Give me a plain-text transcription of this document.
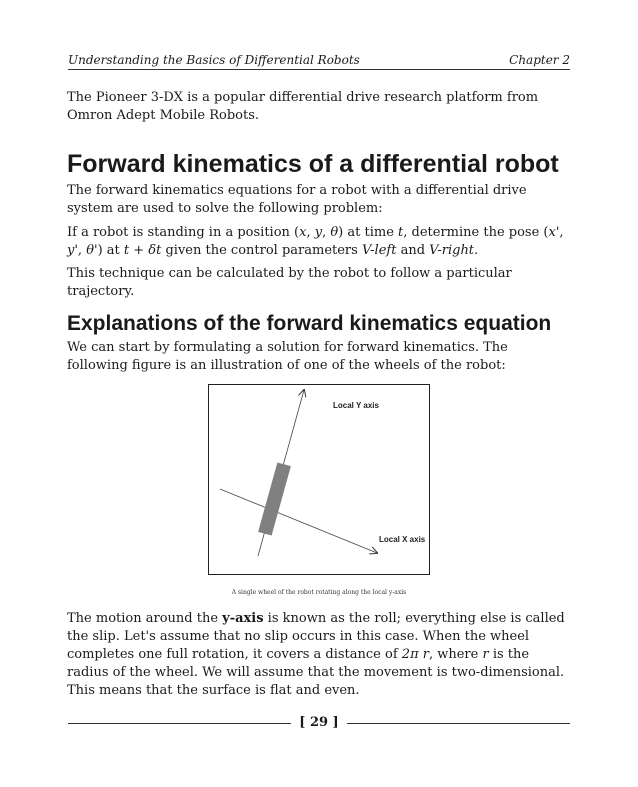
Understanding the Basics of Differential Robots	Chapter 2

The Pioneer 3-DX is a popular differential drive research platform from Omron Adept Mobile Robots.

Forward kinematics of a differential robot

The forward kinematics equations for a robot with a differential drive system are used to solve the following problem:

If a robot is standing in a position (x, y, θ) at time t, determine the pose (x', y', θ') at t + δt given the control parameters V-left and V-right.

This technique can be calculated by the robot to follow a particular trajectory.

Explanations of the forward kinematics equation

We can start by formulating a solution for forward kinematics. The following figure is an illustration of one of the wheels of the robot:

Local Y axis
Local X axis
A single wheel of the robot rotating along the local y-axis

The motion around the y-axis is known as the roll; everything else is called the slip. Let's assume that no slip occurs in this case. When the wheel completes one full rotation, it covers a distance of 2π r, where r is the radius of the wheel. We will assume that the movement is two-dimensional. This means that the surface is flat and even.

[ 29 ]
